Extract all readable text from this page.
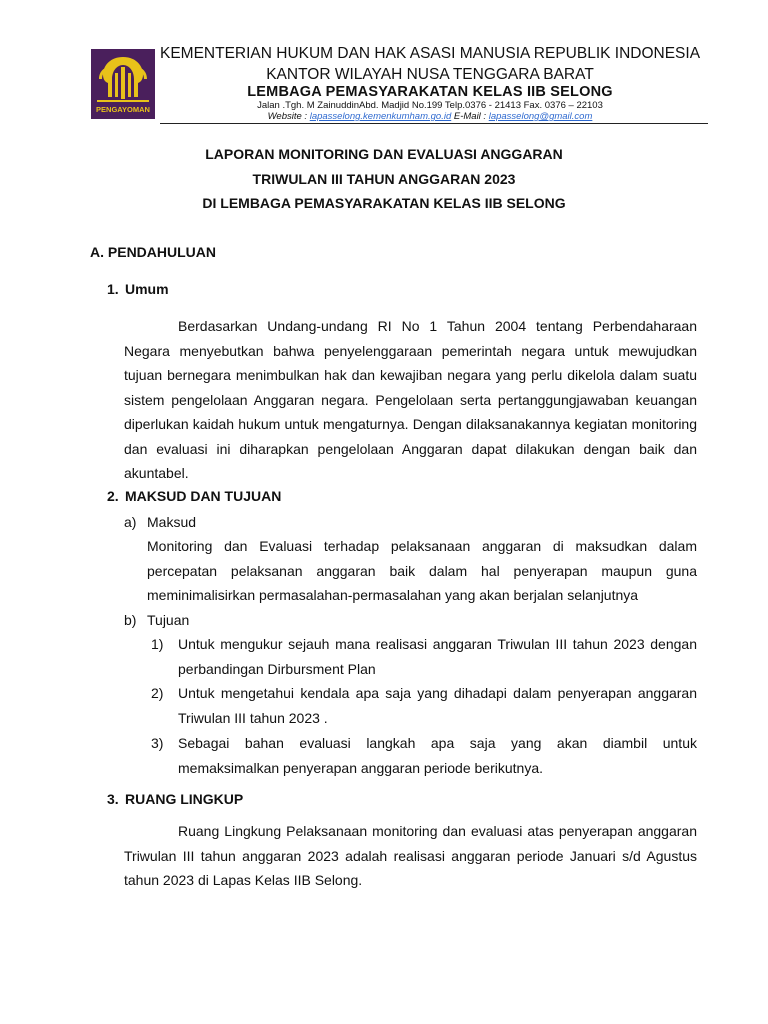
PENGAYOMAN
KEMENTERIAN HUKUM DAN HAK ASASI MANUSIA REPUBLIK INDONESIA
KANTOR WILAYAH NUSA TENGGARA BARAT
LEMBAGA PEMASYARAKATAN KELAS IIB SELONG
Jalan .Tgh. M ZainuddinAbd. Madjid No.199 Telp.0376 - 21413 Fax. 0376 – 22103
Website : lapasselong.kemenkumham.go.id E-Mail : lapasselong@gmail.com
LAPORAN MONITORING DAN EVALUASI ANGGARAN
TRIWULAN III TAHUN ANGGARAN 2023
DI LEMBAGA PEMASYARAKATAN KELAS IIB SELONG
A. PENDAHULUAN
1. Umum
Berdasarkan Undang-undang RI No 1 Tahun 2004 tentang Perbendaharaan Negara menyebutkan bahwa penyelenggaraan pemerintah negara untuk mewujudkan tujuan bernegara menimbulkan hak dan kewajiban negara yang perlu dikelola dalam suatu sistem pengelolaan Anggaran negara. Pengelolaan serta pertanggungjawaban keuangan diperlukan kaidah hukum untuk mengaturnya. Dengan dilaksanakannya kegiatan monitoring dan evaluasi ini diharapkan pengelolaan Anggaran dapat dilakukan dengan baik dan akuntabel.
2. MAKSUD DAN TUJUAN
a) Maksud
Monitoring dan Evaluasi terhadap pelaksanaan anggaran di maksudkan dalam percepatan pelaksanan anggaran baik dalam hal penyerapan maupun guna meminimalisirkan permasalahan-permasalahan yang akan berjalan selanjutnya
b) Tujuan
1) Untuk mengukur sejauh mana realisasi anggaran Triwulan III tahun 2023 dengan perbandingan Dirbursment Plan
2) Untuk mengetahui kendala apa saja yang dihadapi dalam penyerapan anggaran Triwulan III tahun 2023 .
3) Sebagai bahan evaluasi langkah apa saja yang akan diambil untuk memaksimalkan penyerapan anggaran periode berikutnya.
3. RUANG LINGKUP
Ruang Lingkung Pelaksanaan monitoring dan evaluasi atas penyerapan anggaran Triwulan III tahun anggaran 2023 adalah realisasi anggaran periode Januari s/d Agustus tahun 2023 di Lapas Kelas IIB Selong.
